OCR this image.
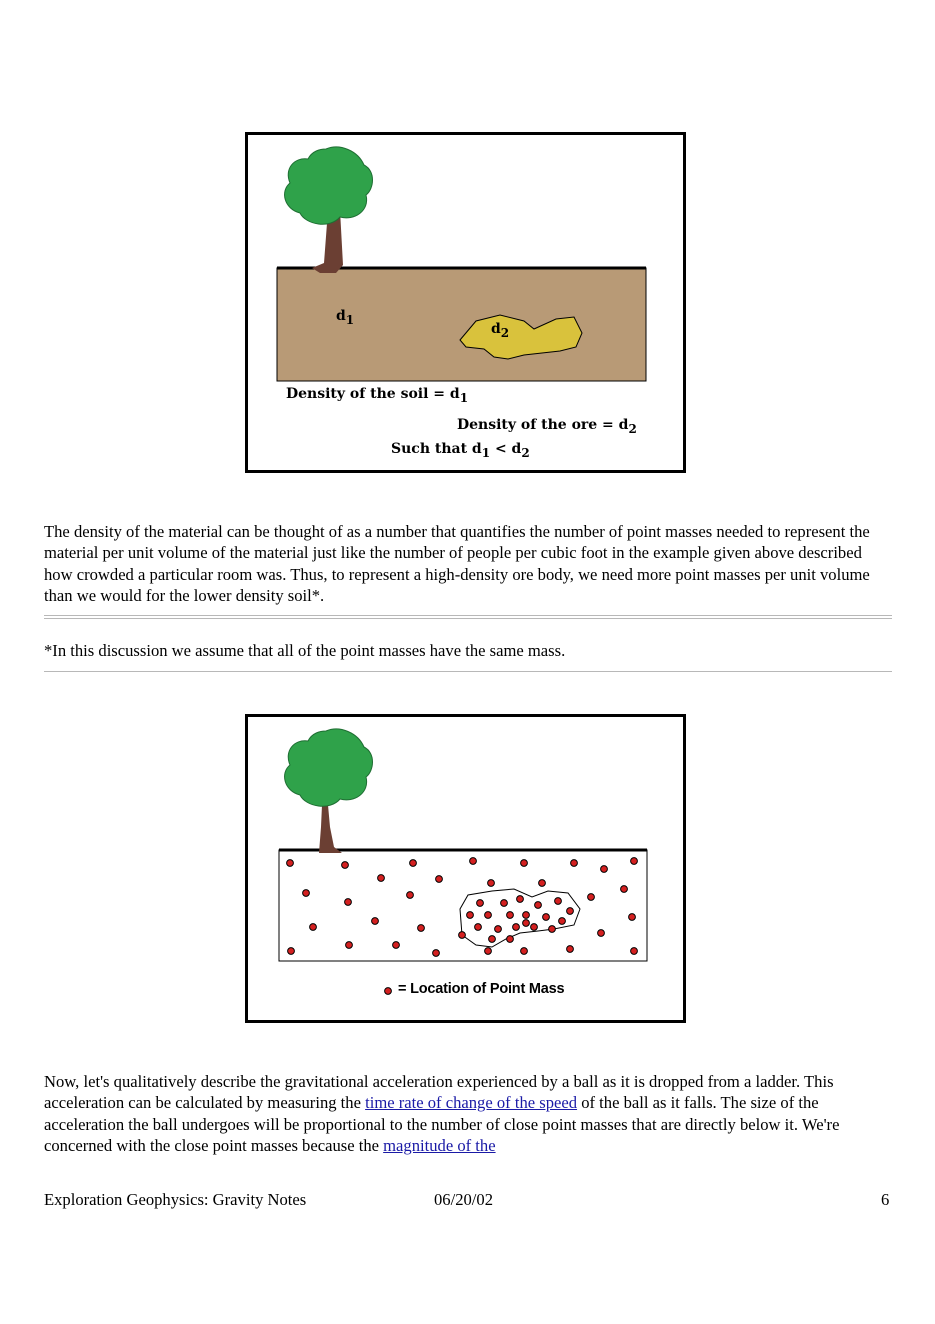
$d_1$
$d_2$
Density of the soil = $d_1$
Density of the ore = $d_2$
Such that $d_1 < d_2$

The density of the material can be thought of as a number that quantifies the number of point masses needed to represent the material per unit volume of the material just like the number of people per cubic foot in the example given above described how crowded a particular room was. Thus, to represent a high-density ore body, we need more point masses per unit volume than we would for the lower density soil*.

*In this discussion we assume that all of the point masses have the same mass.

= Location of Point Mass

Now, let's qualitatively describe the gravitational acceleration experienced by a ball as it is dropped from a ladder. This acceleration can be calculated by measuring the time rate of change of the speed of the ball as it falls. The size of the acceleration the ball undergoes will be proportional to the number of close point masses that are directly below it. We're concerned with the close point masses because the magnitude of the

Exploration Geophysics: Gravity Notes	06/20/02	6
